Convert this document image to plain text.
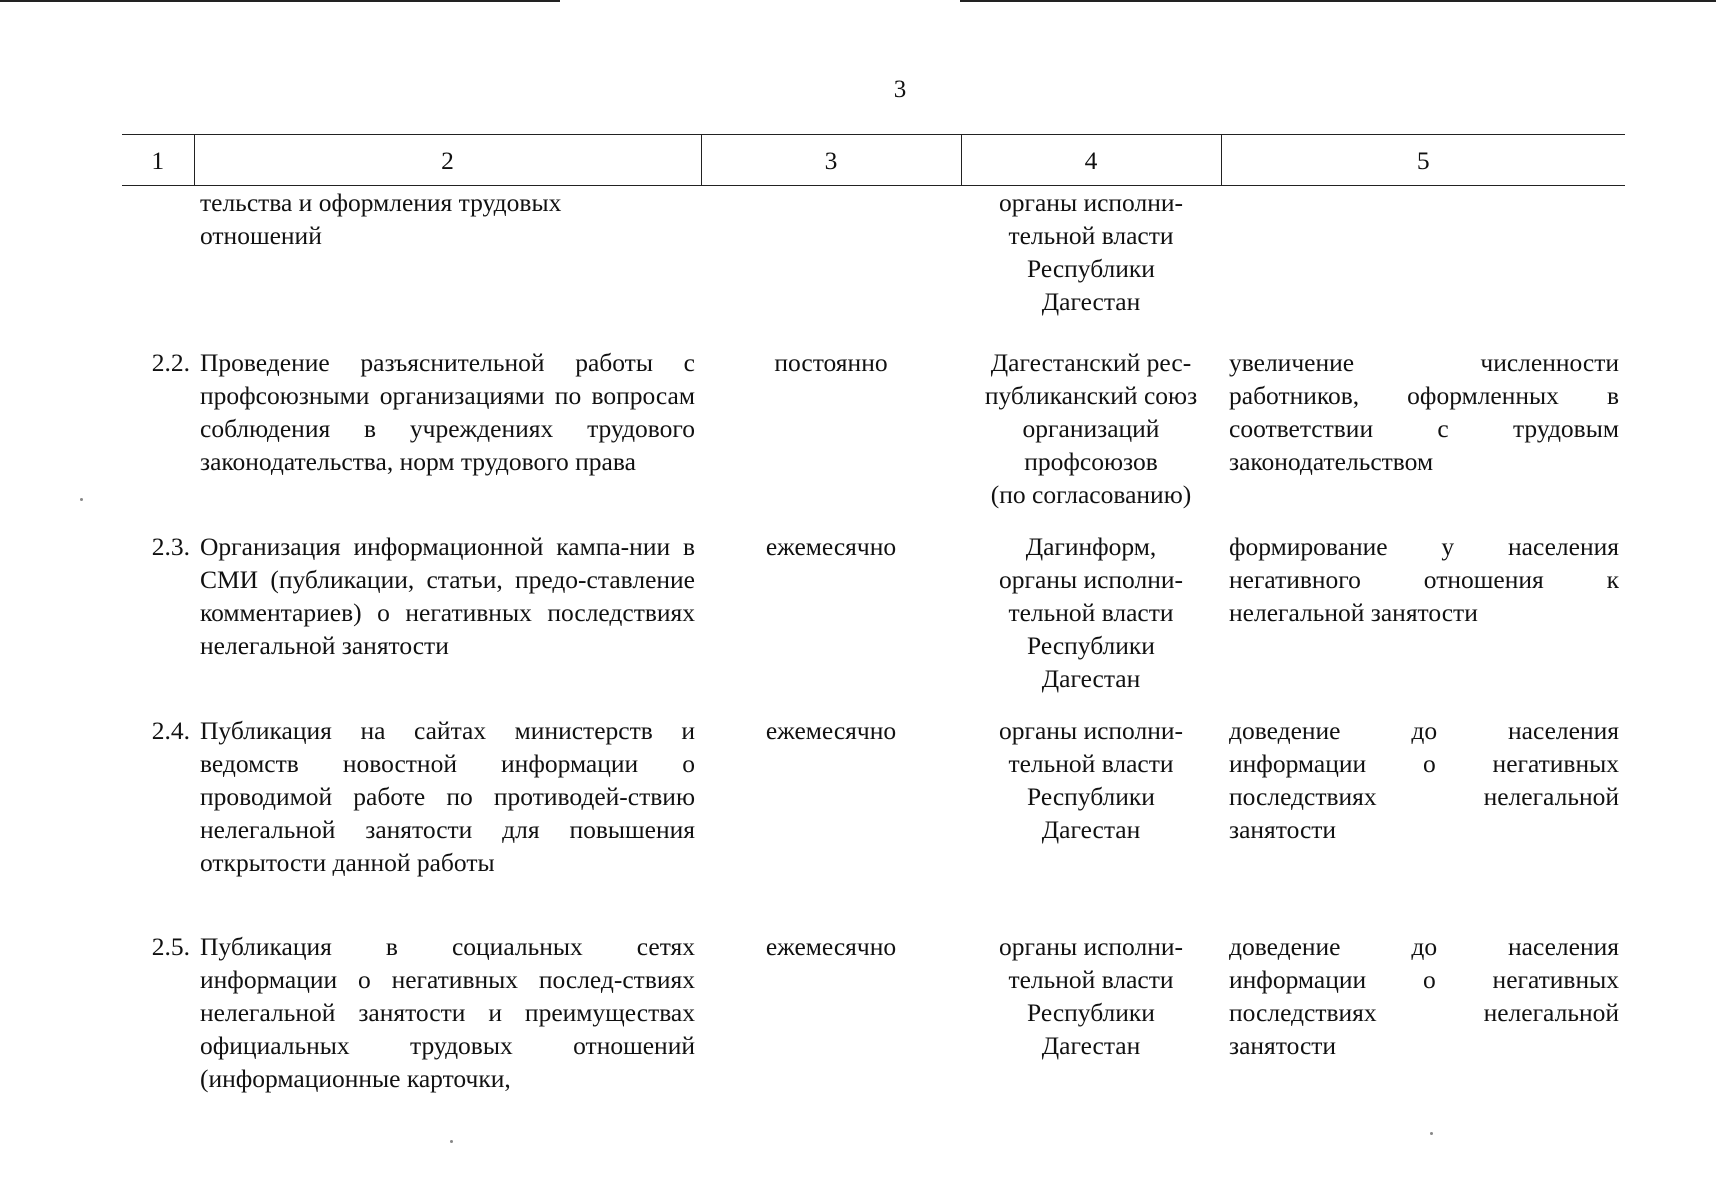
3
1	2	3	4	5
	тельства и оформления трудовых
отношений		органы исполни-
тельной власти
Республики
Дагестан	
2.2.	Проведение разъяснительной работы с профсоюзными организациями по вопросам соблюдения в учреждениях трудового законодательства, норм трудового права	постоянно	Дагестанский рес-
публиканский союз
организаций
профсоюзов
(по согласованию)	увеличение численности работников, оформленных в соответствии с трудовым законодательством
2.3.	Организация информационной кампа-нии в СМИ (публикации, статьи, предо-ставление комментариев) о негативных последствиях нелегальной занятости	ежемесячно	Дагинформ,
органы исполни-
тельной власти
Республики
Дагестан	формирование у населения негативного отношения к нелегальной занятости
2.4.	Публикация на сайтах министерств и ведомств новостной информации о проводимой работе по противодей-ствию нелегальной занятости для повышения открытости данной работы	ежемесячно	органы исполни-
тельной власти
Республики
Дагестан	доведение до населения информации о негативных последствиях нелегальной занятости
2.5.	Публикация в социальных сетях информации о негативных послед-ствиях нелегальной занятости и преимуществах официальных трудовых отношений (информационные карточки,	ежемесячно	органы исполни-
тельной власти
Республики
Дагестан	доведение до населения информации о негативных последствиях нелегальной занятости
